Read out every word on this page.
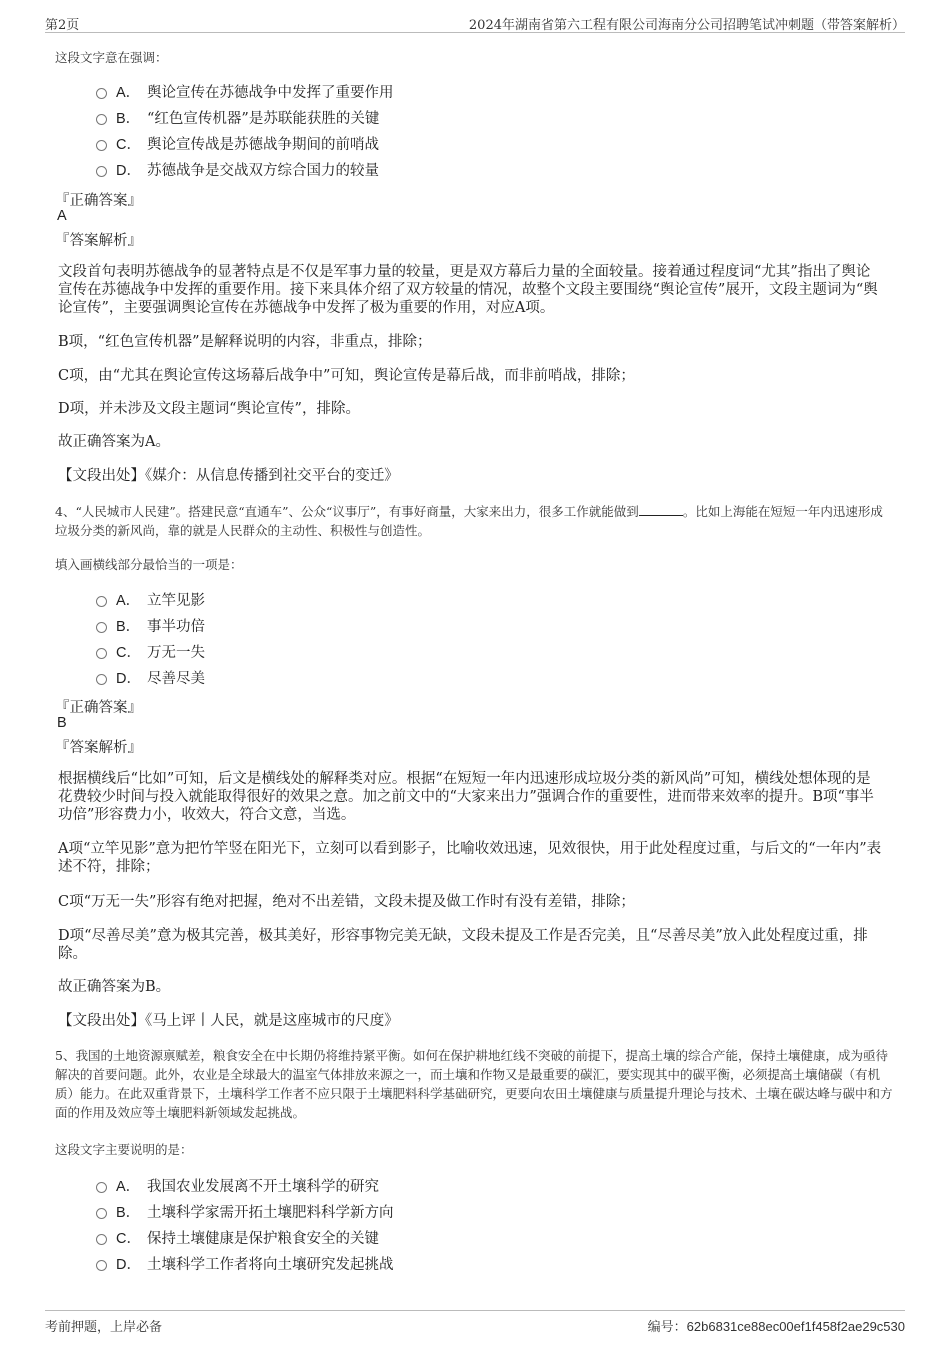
第2页	2024年湖南省第六工程有限公司海南分公司招聘笔试冲刺题（带答案解析）
这段文字意在强调：
A． 舆论宣传在苏德战争中发挥了重要作用
B． “红色宣传机器”是苏联能获胜的关键
C． 舆论宣传战是苏德战争期间的前哨战
D． 苏德战争是交战双方综合国力的较量
『正确答案』
A
『答案解析』
文段首句表明苏德战争的显著特点是不仅是军事力量的较量，更是双方幕后力量的全面较量。接着通过程度词“尤其”指出了舆论宣传在苏德战争中发挥的重要作用。接下来具体介绍了双方较量的情况，故整个文段主要围绕“舆论宣传”展开，文段主题词为“舆论宣传”，主要强调舆论宣传在苏德战争中发挥了极为重要的作用，对应A项。
B项，“红色宣传机器”是解释说明的内容，非重点，排除；
C项，由“尤其在舆论宣传这场幕后战争中”可知，舆论宣传是幕后战，而非前哨战，排除；
D项，并未涉及文段主题词“舆论宣传”，排除。
故正确答案为A。
【文段出处】《媒介：从信息传播到社交平台的变迁》
4、“人民城市人民建”。搭建民意“直通车”、公众“议事厅”，有事好商量，大家来出力，很多工作就能做到	。比如上海能在短短一年内迅速形成垃圾分类的新风尚，靠的就是人民群众的主动性、积极性与创造性。
填入画横线部分最恰当的一项是：
A． 立竿见影
B． 事半功倍
C． 万无一失
D． 尽善尽美
『正确答案』
B
『答案解析』
根据横线后“比如”可知，后文是横线处的解释类对应。根据“在短短一年内迅速形成垃圾分类的新风尚”可知，横线处想体现的是花费较少时间与投入就能取得很好的效果之意。加之前文中的“大家来出力”强调合作的重要性，进而带来效率的提升。B项“事半功倍”形容费力小，收效大，符合文意，当选。
A项“立竿见影”意为把竹竿竖在阳光下，立刻可以看到影子，比喻收效迅速，见效很快，用于此处程度过重，与后文的“一年内”表述不符，排除；
C项“万无一失”形容有绝对把握，绝对不出差错，文段未提及做工作时有没有差错，排除；
D项“尽善尽美”意为极其完善，极其美好，形容事物完美无缺，文段未提及工作是否完美，且“尽善尽美”放入此处程度过重，排除。
故正确答案为B。
【文段出处】《马上评丨人民，就是这座城市的尺度》
5、我国的土地资源禀赋差，粮食安全在中长期仍将维持紧平衡。如何在保护耕地红线不突破的前提下，提高土壤的综合产能，保持土壤健康，成为亟待解决的首要问题。此外，农业是全球最大的温室气体排放来源之一，而土壤和作物又是最重要的碳汇，要实现其中的碳平衡，必须提高土壤储碳（有机质）能力。在此双重背景下，土壤科学工作者不应只限于土壤肥料科学基础研究，更要向农田土壤健康与质量提升理论与技术、土壤在碳达峰与碳中和方面的作用及效应等土壤肥料新领域发起挑战。
这段文字主要说明的是：
A． 我国农业发展离不开土壤科学的研究
B． 土壤科学家需开拓土壤肥料科学新方向
C． 保持土壤健康是保护粮食安全的关键
D． 土壤科学工作者将向土壤研究发起挑战
考前押题，上岸必备	编号：62b6831ce88ec00ef1f458f2ae29c530
